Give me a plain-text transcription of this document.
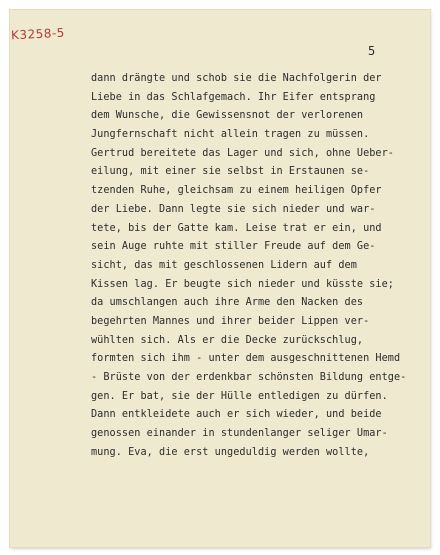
K3258-5
5
dann drängte und schob sie die Nachfolgerin der
Liebe in das Schlafgemach. Ihr Eifer entsprang
dem Wunsche, die Gewissensnot der verlorenen
Jungfernschaft nicht allein tragen zu müssen.
Gertrud bereitete das Lager und sich, ohne Ueber-
eilung, mit einer sie selbst in Erstaunen se-
tzenden Ruhe, gleichsam zu einem heiligen Opfer
der Liebe. Dann legte sie sich nieder und war-
tete, bis der Gatte kam. Leise trat er ein, und
sein Auge ruhte mit stiller Freude auf dem Ge-
sicht, das mit geschlossenen Lidern auf dem
Kissen lag. Er beugte sich nieder und küsste sie;
da umschlangen auch ihre Arme den Nacken des
begehrten Mannes und ihrer beider Lippen ver-
wühlten sich. Als er die Decke zurückschlug,
formten sich ihm - unter dem ausgeschnittenen Hemd
- Brüste von der erdenkbar schönsten Bildung entge-
gen. Er bat, sie der Hülle entledigen zu dürfen.
Dann entkleidete auch er sich wieder, und beide
genossen einander in stundenlanger seliger Umar-
mung. Eva, die erst ungeduldig werden wollte,
